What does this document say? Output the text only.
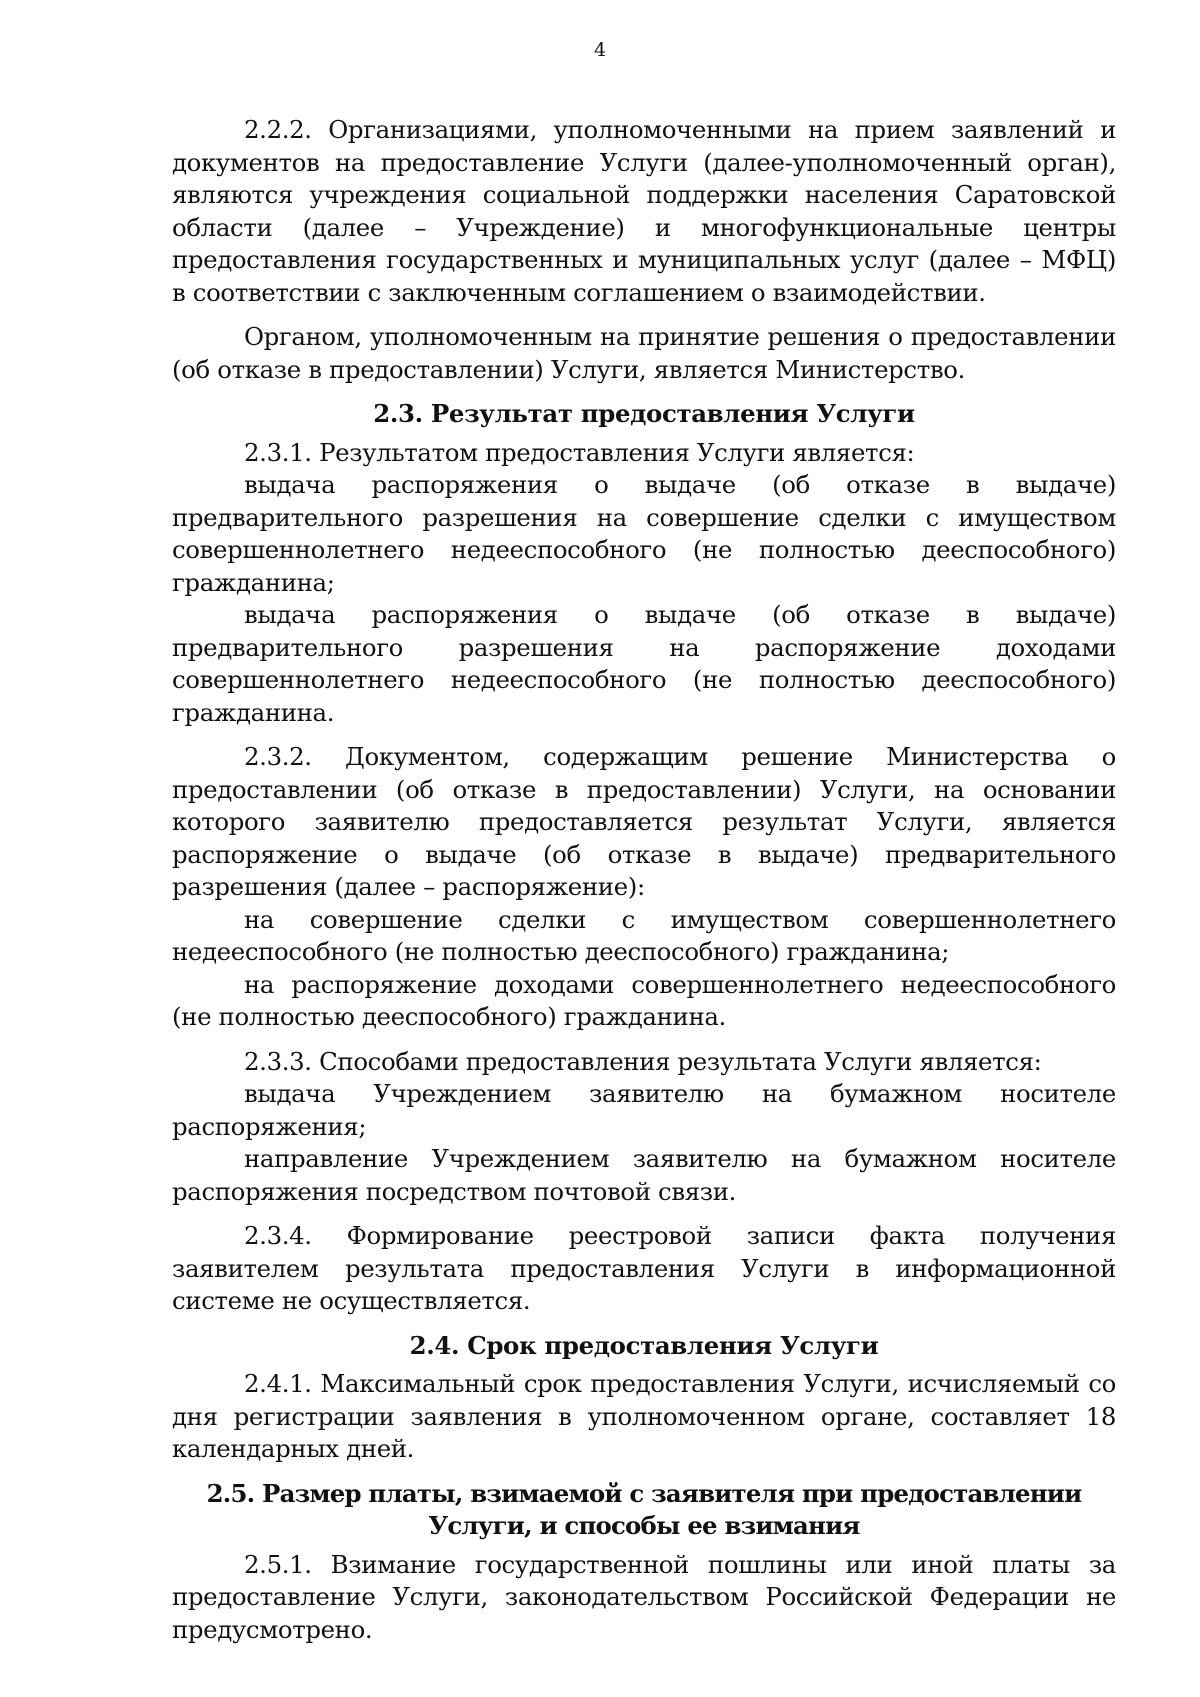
4

2.2.2. Организациями, уполномоченными на прием заявлений и документов на предоставление Услуги (далее-уполномоченный орган), являются учреждения социальной поддержки населения Саратовской области (далее – Учреждение) и многофункциональные центры предоставления государственных и муниципальных услуг (далее – МФЦ) в соответствии с заключенным соглашением о взаимодействии.

Органом, уполномоченным на принятие решения о предоставлении (об отказе в предоставлении) Услуги, является Министерство.

2.3. Результат предоставления Услуги

2.3.1. Результатом предоставления Услуги является:

выдача распоряжения о выдаче (об отказе в выдаче) предварительного разрешения на совершение сделки с имуществом совершеннолетнего недееспособного (не полностью дееспособного) гражданина;

выдача распоряжения о выдаче (об отказе в выдаче) предварительного разрешения на распоряжение доходами совершеннолетнего недееспособного (не полностью дееспособного) гражданина.

2.3.2. Документом, содержащим решение Министерства о предоставлении (об отказе в предоставлении) Услуги, на основании которого заявителю предоставляется результат Услуги, является распоряжение о выдаче (об отказе в выдаче) предварительного разрешения (далее – распоряжение):

на совершение сделки с имуществом совершеннолетнего недееспособного (не полностью дееспособного) гражданина;

на распоряжение доходами совершеннолетнего недееспособного (не полностью дееспособного) гражданина.

2.3.3. Способами предоставления результата Услуги является:

выдача Учреждением заявителю на бумажном носителе распоряжения;

направление Учреждением заявителю на бумажном носителе распоряжения посредством почтовой связи.

2.3.4. Формирование реестровой записи факта получения заявителем результата предоставления Услуги в информационной системе не осуществляется.

2.4. Срок предоставления Услуги

2.4.1. Максимальный срок предоставления Услуги, исчисляемый со дня регистрации заявления в уполномоченном органе, составляет 18 календарных дней.

2.5. Размер платы, взимаемой с заявителя при предоставлении Услуги, и способы ее взимания

2.5.1. Взимание государственной пошлины или иной платы за предоставление Услуги, законодательством Российской Федерации не предусмотрено.
